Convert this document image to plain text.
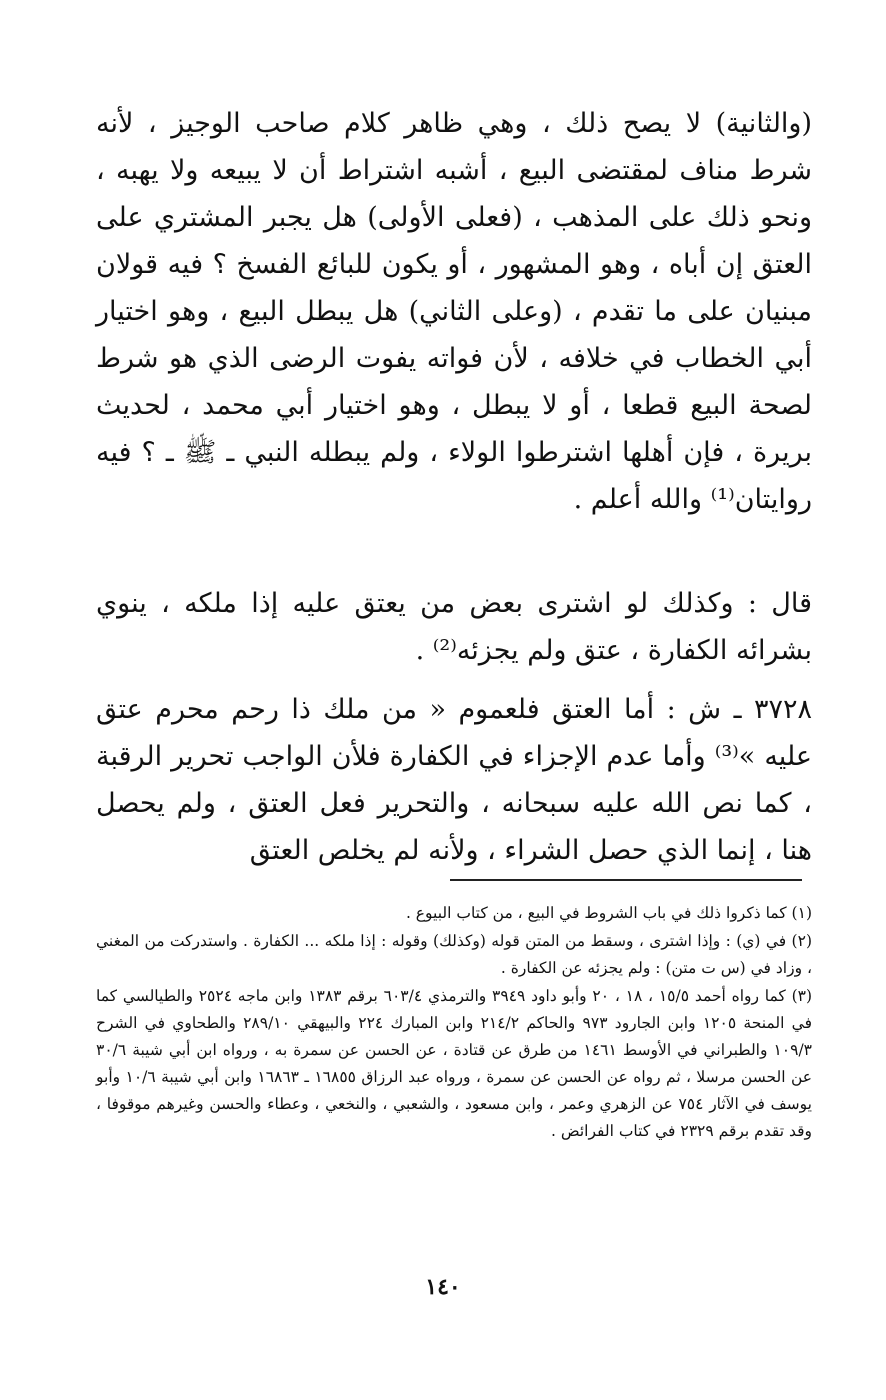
(والثانية) لا يصح ذلك ، وهي ظاهر كلام صاحب الوجيز ، لأنه شرط مناف لمقتضى البيع ، أشبه اشتراط أن لا يبيعه ولا يهبه ، ونحو ذلك على المذهب ، (فعلى الأولى) هل يجبر المشتري على العتق إن أباه ، وهو المشهور ، أو يكون للبائع الفسخ ؟ فيه قولان مبنيان على ما تقدم ، (وعلى الثاني) هل يبطل البيع ، وهو اختيار أبي الخطاب في خلافه ، لأن فواته يفوت الرضى الذي هو شرط لصحة البيع قطعا ، أو لا يبطل ، وهو اختيار أبي محمد ، لحديث بريرة ، فإن أهلها اشترطوا الولاء ، ولم يبطله النبي ـ ﷺ ـ ؟ فيه روايتان⁽¹⁾ والله أعلم .

قال : وكذلك لو اشترى بعض من يعتق عليه إذا ملكه ، ينوي بشرائه الكفارة ، عتق ولم يجزئه⁽²⁾ .

٣٧٢٨ ـ ش : أما العتق فلعموم « من ملك ذا رحم محرم عتق عليه »⁽³⁾ وأما عدم الإجزاء في الكفارة فلأن الواجب تحرير الرقبة ، كما نص الله عليه سبحانه ، والتحرير فعل العتق ، ولم يحصل هنا ، إنما الذي حصل الشراء ، ولأنه لم يخلص العتق

(١) كما ذكروا ذلك في باب الشروط في البيع ، من كتاب البيوع .

(٢) في (ي) : وإذا اشترى ، وسقط من المتن قوله (وكذلك) وقوله : إذا ملكه ... الكفارة . واستدركت من المغني ، وزاد في (س ت متن) : ولم يجزئه عن الكفارة .

(٣) كما رواه أحمد ١٥/٥ ، ١٨ ، ٢٠ وأبو داود ٣٩٤٩ والترمذي ٦٠٣/٤ برقم ١٣٨٣ وابن ماجه ٢٥٢٤ والطيالسي كما في المنحة ١٢٠٥ وابن الجارود ٩٧٣ والحاكم ٢١٤/٢ وابن المبارك ٢٢٤ والبيهقي ٢٨٩/١٠ والطحاوي في الشرح ١٠٩/٣ والطبراني في الأوسط ١٤٦١ من طرق عن قتادة ، عن الحسن عن سمرة به ، ورواه ابن أبي شيبة ٣٠/٦ عن الحسن مرسلا ، ثم رواه عن الحسن عن سمرة ، ورواه عبد الرزاق ١٦٨٥٥ ـ ١٦٨٦٣ وابن أبي شيبة ١٠/٦ وأبو يوسف في الآثار ٧٥٤ عن الزهري وعمر ، وابن مسعود ، والشعبي ، والنخعي ، وعطاء والحسن وغيرهم موقوفا ، وقد تقدم برقم ٢٣٢٩ في كتاب الفرائض .

١٤٠
